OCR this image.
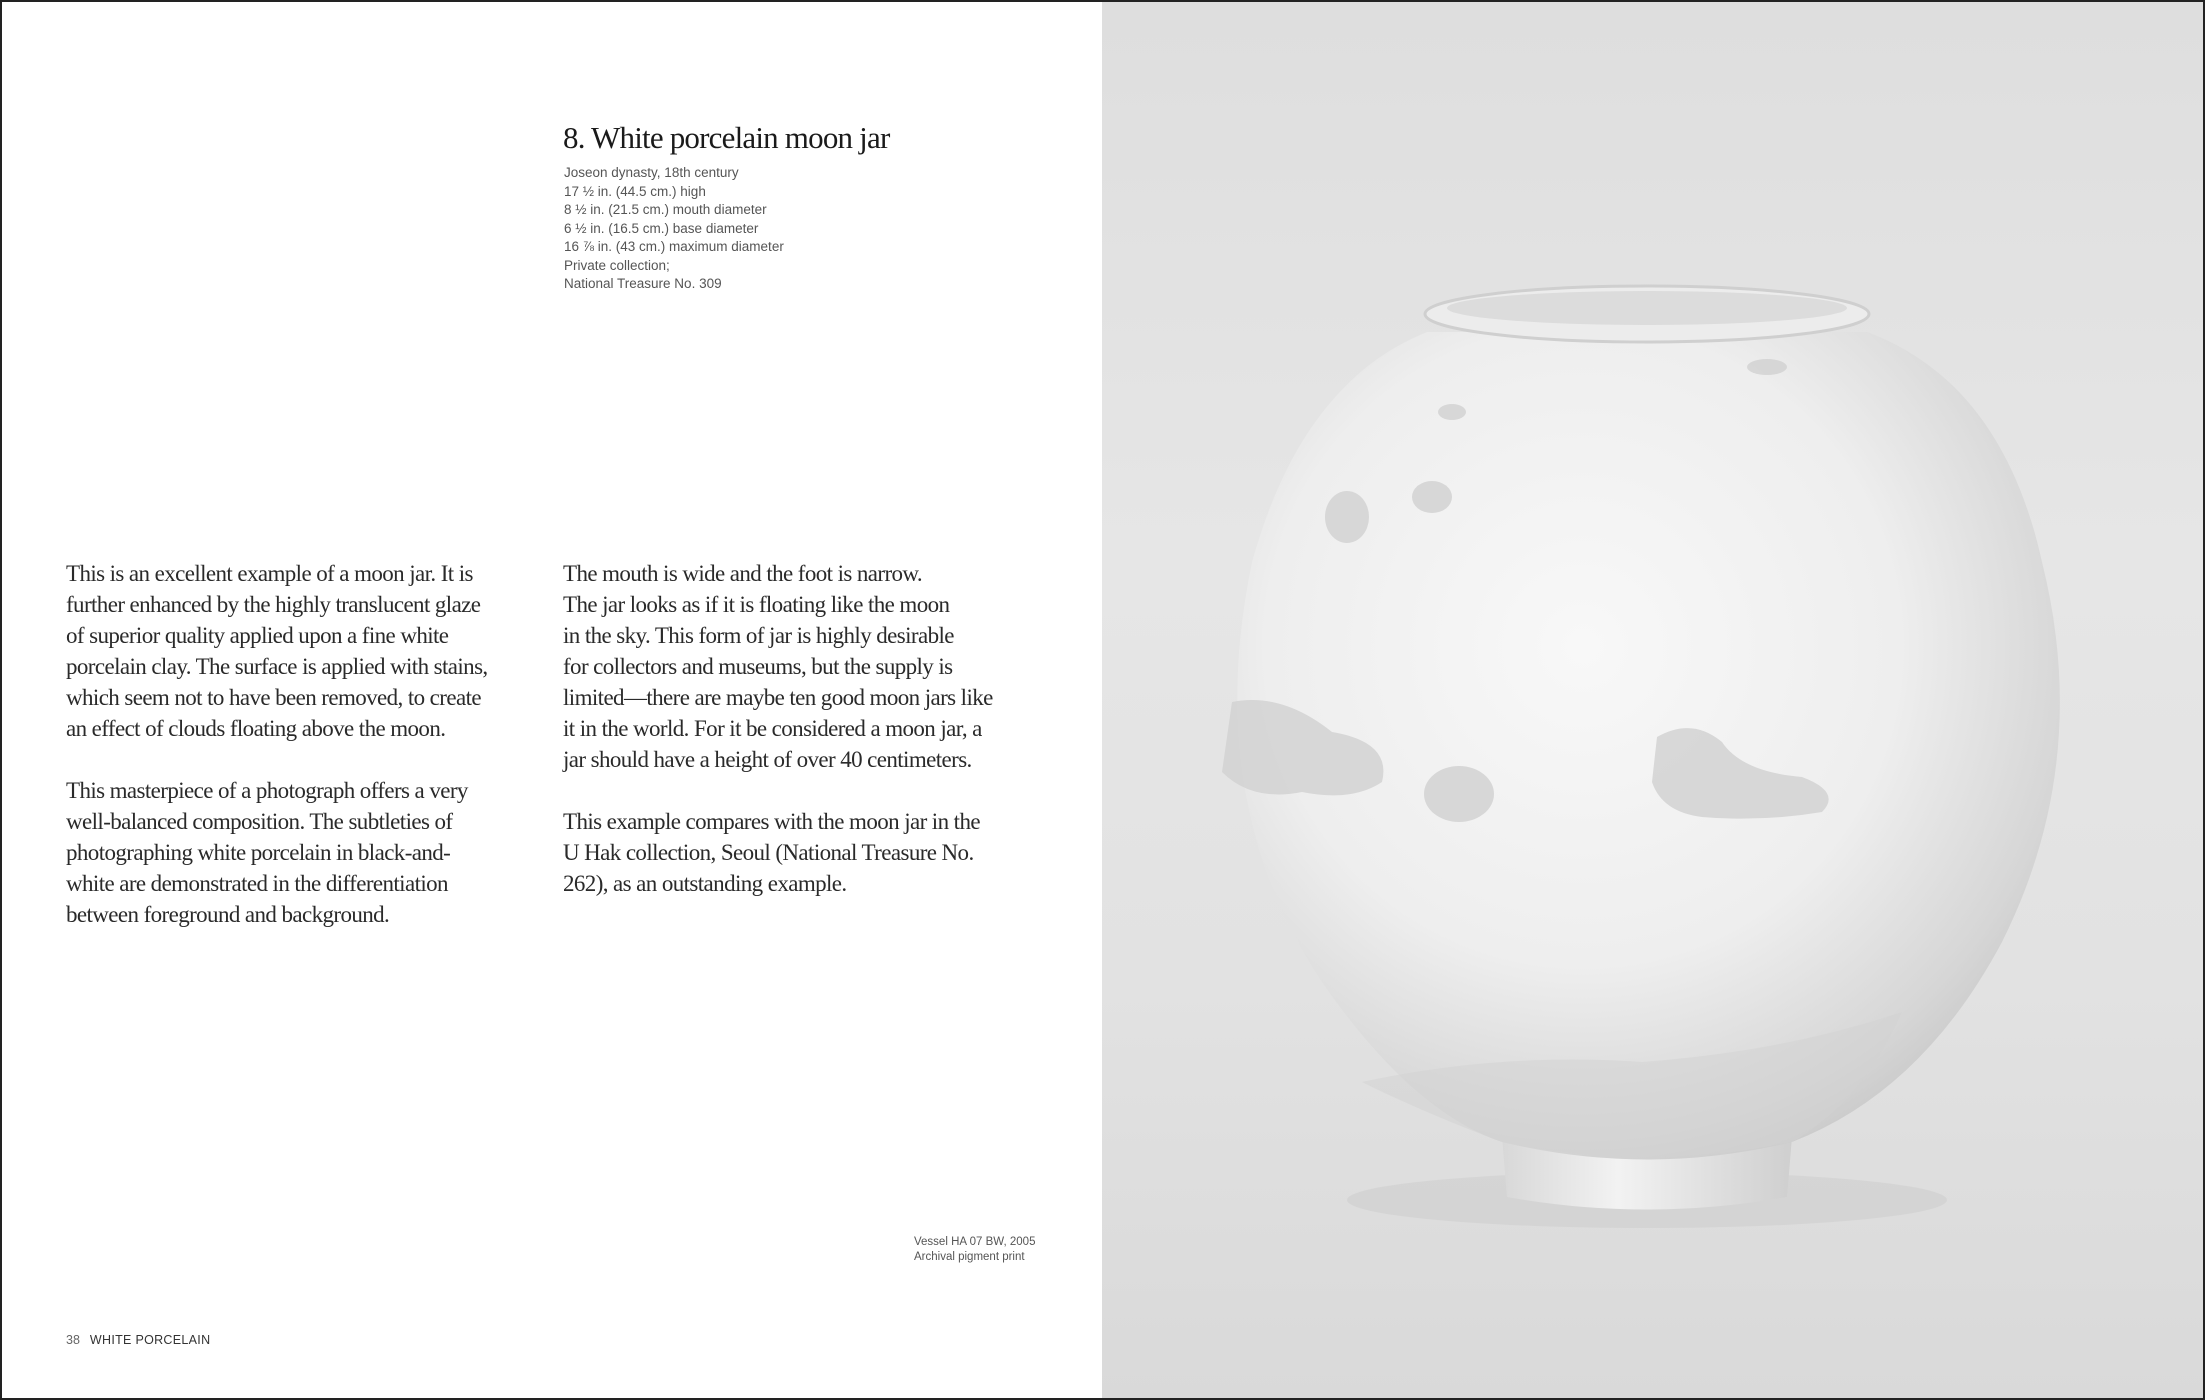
8. White porcelain moon jar
Joseon dynasty, 18th century
17 ½ in. (44.5 cm.) high
8 ½ in. (21.5 cm.) mouth diameter
6 ½ in. (16.5 cm.) base diameter
16 ⅞ in. (43 cm.) maximum diameter
Private collection;
National Treasure No. 309
This is an excellent example of a moon jar. It is
further enhanced by the highly translucent glaze
of superior quality applied upon a fine white
porcelain clay. The surface is applied with stains,
which seem not to have been removed, to create
an effect of clouds floating above the moon.
This masterpiece of a photograph offers a very
well-balanced composition. The subtleties of
photographing white porcelain in black-and-
white are demonstrated in the differentiation
between foreground and background.
The mouth is wide and the foot is narrow.
The jar looks as if it is floating like the moon
in the sky. This form of jar is highly desirable
for collectors and museums, but the supply is
limited—there are maybe ten good moon jars like
it in the world. For it be considered a moon jar, a
jar should have a height of over 40 centimeters.
This example compares with the moon jar in the
U Hak collection, Seoul (National Treasure No.
262), as an outstanding example.
Vessel HA 07 BW, 2005
Archival pigment print
38 WHITE PORCELAIN
